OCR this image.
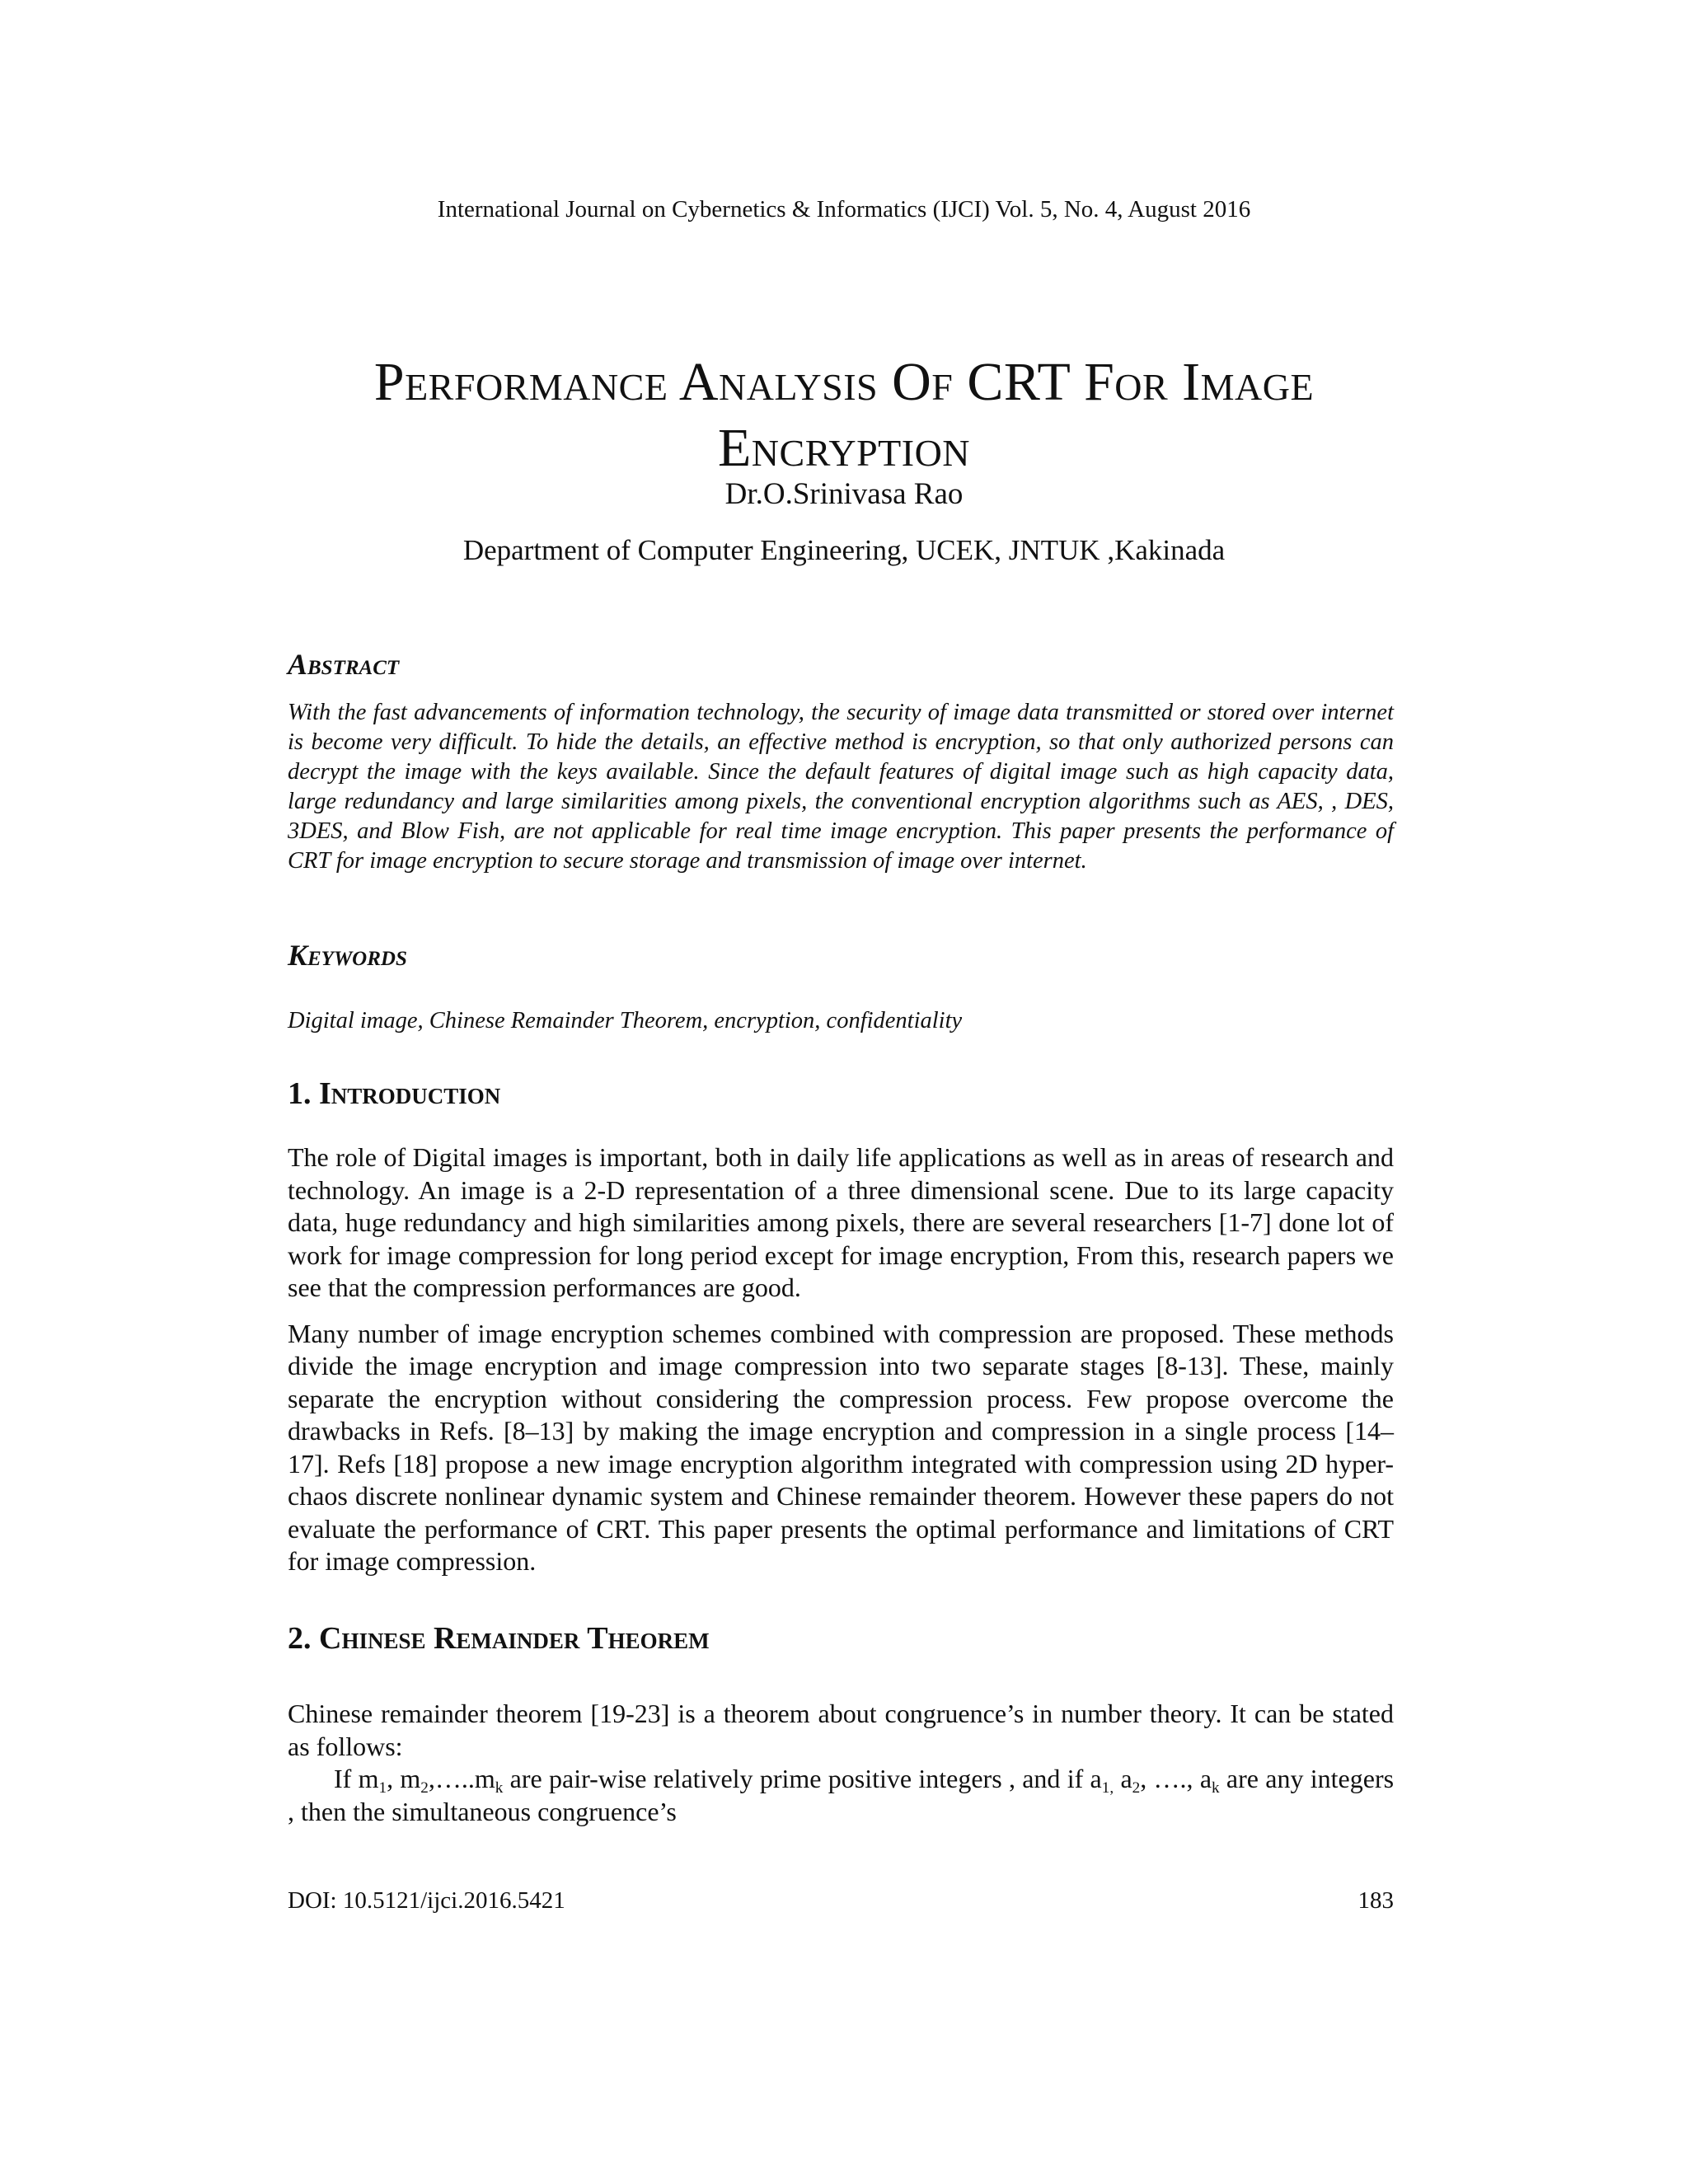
International Journal on Cybernetics & Informatics (IJCI) Vol. 5, No. 4, August 2016
Performance Analysis Of CRT For Image Encryption
Dr.O.Srinivasa Rao
Department of Computer Engineering, UCEK, JNTUK ,Kakinada
Abstract

With the fast advancements of information technology, the security of image data transmitted or stored over internet is become very difficult. To hide the details, an effective method is encryption, so that only authorized persons can decrypt the image with the keys available. Since the default features of digital image such as high capacity data, large redundancy and large similarities among pixels, the conventional encryption algorithms such as AES, , DES, 3DES, and Blow Fish, are not applicable for real time image encryption. This paper presents the performance of CRT for image encryption to secure storage and transmission of image over internet.

Keywords

Digital image, Chinese Remainder Theorem, encryption, confidentiality

1. Introduction

The role of Digital images is important, both in daily life applications as well as in areas of research and technology. An image is a 2-D representation of a three dimensional scene. Due to its large capacity data, huge redundancy and high similarities among pixels, there are several researchers [1-7] done lot of work for image compression for long period except for image encryption, From this, research papers we see that the compression performances are good.

Many number of image encryption schemes combined with compression are proposed. These methods divide the image encryption and image compression into two separate stages [8-13]. These, mainly separate the encryption without considering the compression process. Few propose overcome the drawbacks in Refs. [8–13] by making the image encryption and compression in a single process [14–17]. Refs [18] propose a new image encryption algorithm integrated with compression using 2D hyper-chaos discrete nonlinear dynamic system and Chinese remainder theorem. However these papers do not evaluate the performance of CRT. This paper presents the optimal performance and limitations of CRT for image compression.

2. Chinese Remainder Theorem

Chinese remainder theorem [19-23] is a theorem about congruence’s in number theory. It can be stated as follows:

If $m_1$, $m_2,\dots..m_k$ are pair-wise relatively prime positive integers , and if $a_{1,}$ $a_2$, …., $a_k$ are any integers , then the simultaneous congruence’s

DOI: 10.5121/ijci.2016.5421	183
